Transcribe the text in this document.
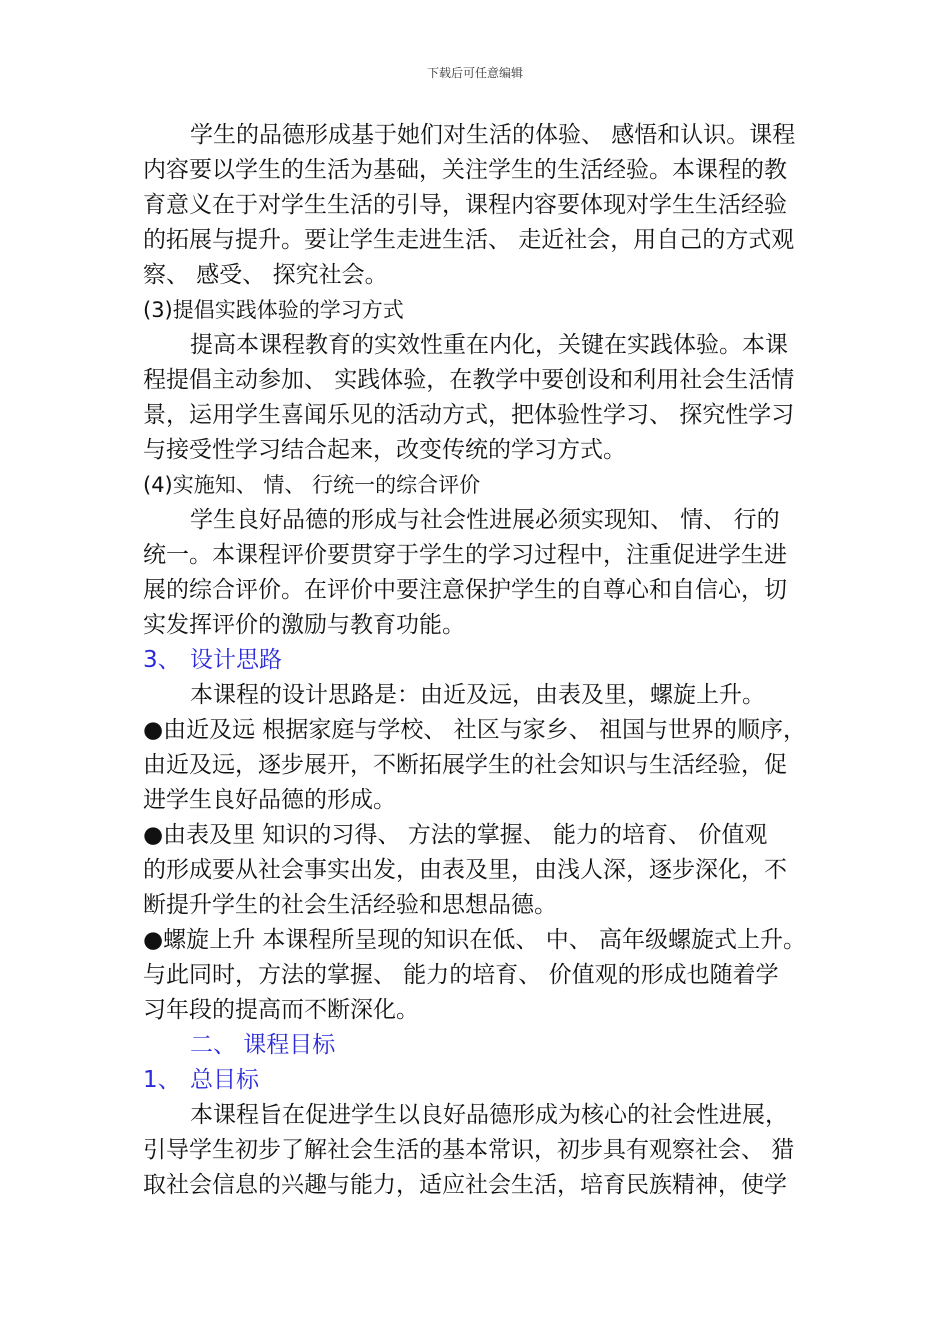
下载后可任意编辑
学生的品德形成基于她们对生活的体验、 感悟和认识。课程
内容要以学生的生活为基础，关注学生的生活经验。本课程的教
育意义在于对学生生活的引导，课程内容要体现对学生生活经验
的拓展与提升。要让学生走进生活、 走近社会，用自己的方式观
察、 感受、 探究社会。
(3)提倡实践体验的学习方式
提高本课程教育的实效性重在内化，关键在实践体验。本课
程提倡主动参加、 实践体验，在教学中要创设和利用社会生活情
景，运用学生喜闻乐见的活动方式，把体验性学习、 探究性学习
与接受性学习结合起来，改变传统的学习方式。
(4)实施知、 情、 行统一的综合评价
学生良好品德的形成与社会性进展必须实现知、 情、 行的
统一。本课程评价要贯穿于学生的学习过程中，注重促进学生进
展的综合评价。在评价中要注意保护学生的自尊心和自信心，切
实发挥评价的激励与教育功能。
3、 设计思路
本课程的设计思路是：由近及远，由表及里，螺旋上升。
●由近及远 根据家庭与学校、 社区与家乡、 祖国与世界的顺序，
由近及远，逐步展开，不断拓展学生的社会知识与生活经验，促
进学生良好品德的形成。
●由表及里 知识的习得、 方法的掌握、 能力的培育、 价值观
的形成要从社会事实出发，由表及里，由浅人深，逐步深化，不
断提升学生的社会生活经验和思想品德。
●螺旋上升 本课程所呈现的知识在低、 中、 高年级螺旋式上升。
与此同时，方法的掌握、 能力的培育、 价值观的形成也随着学
习年段的提高而不断深化。
二、 课程目标
1、 总目标
本课程旨在促进学生以良好品德形成为核心的社会性进展，
引导学生初步了解社会生活的基本常识，初步具有观察社会、 猎
取社会信息的兴趣与能力，适应社会生活，培育民族精神，使学
